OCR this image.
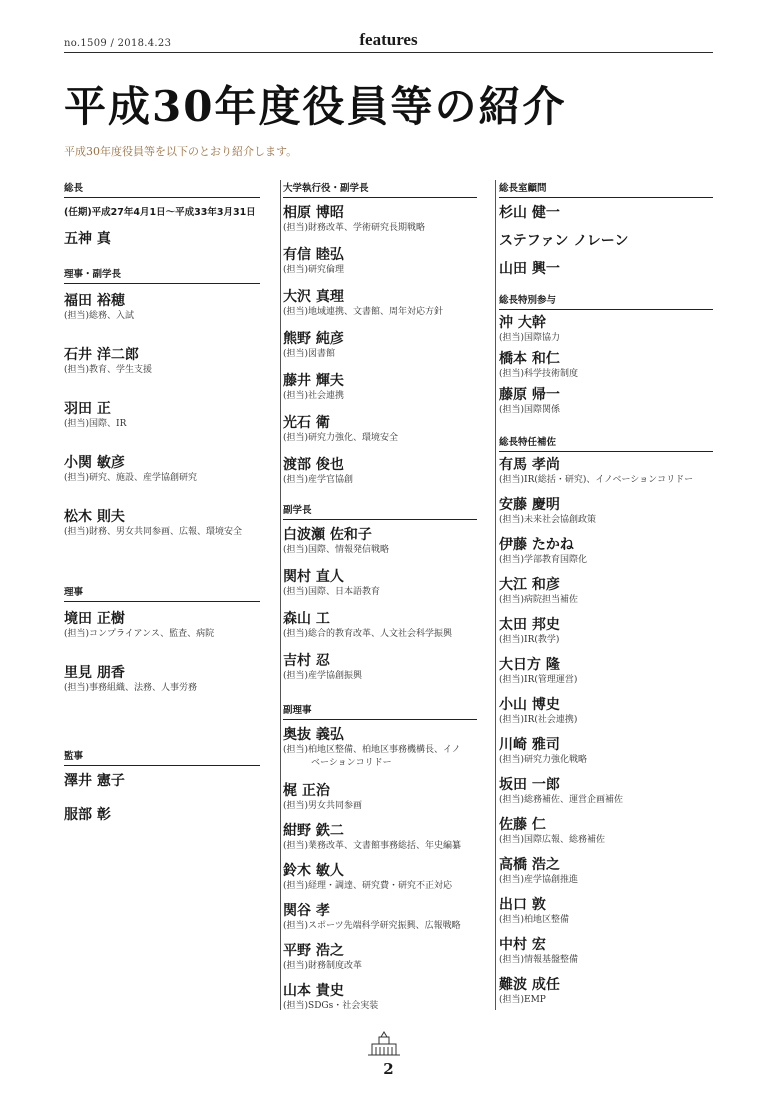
no.1509 / 2018.4.23	features
平成30年度役員等の紹介
平成30年度役員等を以下のとおり紹介します。
総長
(任期)平成27年4月1日～平成33年3月31日
五神 真
理事・副学長
福田 裕穂
(担当)総務、入試
石井 洋二郎
(担当)教育、学生支援
羽田 正
(担当)国際、IR
小関 敏彦
(担当)研究、施設、産学協創研究
松木 則夫
(担当)財務、男女共同参画、広報、環境安全
理事
境田 正樹
(担当)コンプライアンス、監査、病院
里見 朋香
(担当)事務組織、法務、人事労務
監事
澤井 憲子
服部 彰
大学執行役・副学長
相原 博昭
(担当)財務改革、学術研究長期戦略
有信 睦弘
(担当)研究倫理
大沢 真理
(担当)地域連携、文書館、周年対応方針
熊野 純彦
(担当)図書館
藤井 輝夫
(担当)社会連携
光石 衛
(担当)研究力強化、環境安全
渡部 俊也
(担当)産学官協創
副学長
白波瀬 佐和子
(担当)国際、情報発信戦略
関村 直人
(担当)国際、日本語教育
森山 工
(担当)総合的教育改革、人文社会科学振興
吉村 忍
(担当)産学協創振興
副理事
奥抜 義弘
(担当)柏地区整備、柏地区事務機構長、イノ
ベーションコリドー
梶 正治
(担当)男女共同参画
紺野 鉄二
(担当)業務改革、文書館事務総括、年史編纂
鈴木 敏人
(担当)経理・調達、研究費・研究不正対応
関谷 孝
(担当)スポーツ先端科学研究振興、広報戦略
平野 浩之
(担当)財務制度改革
山本 貴史
(担当)SDGs・社会実装
総長室顧問
杉山 健一
ステファン ノレーン
山田 興一
総長特別参与
沖 大幹
(担当)国際協力
橋本 和仁
(担当)科学技術制度
藤原 帰一
(担当)国際関係
総長特任補佐
有馬 孝尚
(担当)IR(総括・研究)、イノベーションコリドー
安藤 慶明
(担当)未来社会協創政策
伊藤 たかね
(担当)学部教育国際化
大江 和彦
(担当)病院担当補佐
太田 邦史
(担当)IR(教学)
大日方 隆
(担当)IR(管理運営)
小山 博史
(担当)IR(社会連携)
川崎 雅司
(担当)研究力強化戦略
坂田 一郎
(担当)総務補佐、運営企画補佐
佐藤 仁
(担当)国際広報、総務補佐
高橋 浩之
(担当)産学協創推進
出口 敦
(担当)柏地区整備
中村 宏
(担当)情報基盤整備
難波 成任
(担当)EMP
2
